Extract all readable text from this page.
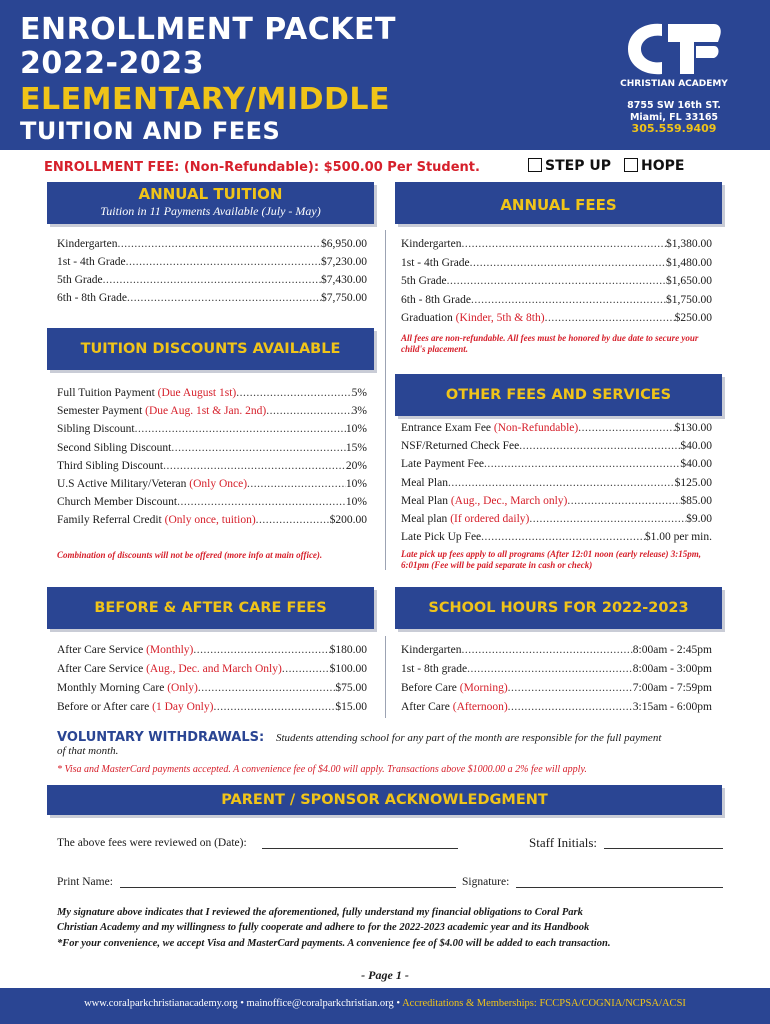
ENROLLMENT PACKET
2022-2023
ELEMENTARY/MIDDLE
TUITION AND FEES
CHRISTIAN ACADEMY
8755 SW 16th ST.
Miami, FL 33165
305.559.9409
ENROLLMENT FEE: (Non-Refundable): $500.00 Per Student.	STEP UP	HOPE
ANNUAL TUITION
Tuition in 11 Payments Available (July - May)
Kindergarten .....	$6,950.00
1st - 4th Grade .....	$7,230.00
5th Grade .....	$7,430.00
6th - 8th Grade .....	$7,750.00
ANNUAL FEES
Kindergarten .....	$1,380.00
1st - 4th Grade .....	$1,480.00
5th Grade .....	$1,650.00
6th - 8th Grade .....	$1,750.00
Graduation (Kinder, 5th & 8th) .....	$250.00
All fees are non-refundable. All fees must be honored by due date to secure your child's placement.
TUITION DISCOUNTS AVAILABLE
Full Tuition Payment (Due August 1st) .....	5%
Semester Payment (Due Aug. 1st & Jan. 2nd) .....	3%
Sibling Discount .....	10%
Second Sibling Discount .....	15%
Third Sibling Discount .....	20%
U.S Active Military/Veteran (Only Once) .....	10%
Church Member Discount .....	10%
Family Referral Credit (Only once, tuition) .....	$200.00
Combination of discounts will not be offered (more info at main office).
OTHER FEES AND SERVICES
Entrance Exam Fee (Non-Refundable) .....	$130.00
NSF/Returned Check Fee .....	$40.00
Late Payment Fee .....	$40.00
Meal Plan .....	$125.00
Meal Plan (Aug., Dec., March only) .....	$85.00
Meal plan (If ordered daily) .....	$9.00
Late Pick Up Fee .....	$1.00 per min.
Late pick up fees apply to all programs (After 12:01 noon (early release) 3:15pm, 6:01pm (Fee will be paid separate in cash or check)
BEFORE & AFTER CARE FEES
After Care Service (Monthly) .....	$180.00
After Care Service (Aug., Dec. and March Only) .....	$100.00
Monthly Morning Care (Only) .....	$75.00
Before or After care (1 Day Only) .....	$15.00
SCHOOL HOURS FOR 2022-2023
Kindergarten .....	8:00am - 2:45pm
1st - 8th grade .....	8:00am - 3:00pm
Before Care (Morning) .....	7:00am - 7:59pm
After Care (Afternoon) .....	3:15am - 6:00pm
VOLUNTARY WITHDRAWALS: Students attending school for any part of the month are responsible for the full payment
of that month.
* Visa and MasterCard payments accepted. A convenience fee of $4.00 will apply. Transactions above $1000.00 a 2% fee will apply.
PARENT / SPONSOR ACKNOWLEDGMENT
The above fees were reviewed on (Date):	Staff Initials:
Print Name:	Signature:
My signature above indicates that I reviewed the aforementioned, fully understand my financial obligations to Coral Park
Christian Academy and my willingness to fully cooperate and adhere to for the 2022-2023 academic year and its Handbook
*For your convenience, we accept Visa and MasterCard payments. A convenience fee of $4.00 will be added to each transaction.
- Page 1 -
www.coralparkchristianacademy.org • mainoffice@coralparkchristian.org • Accreditations & Memberships: FCCPSA/COGNIA/NCPSA/ACSI
